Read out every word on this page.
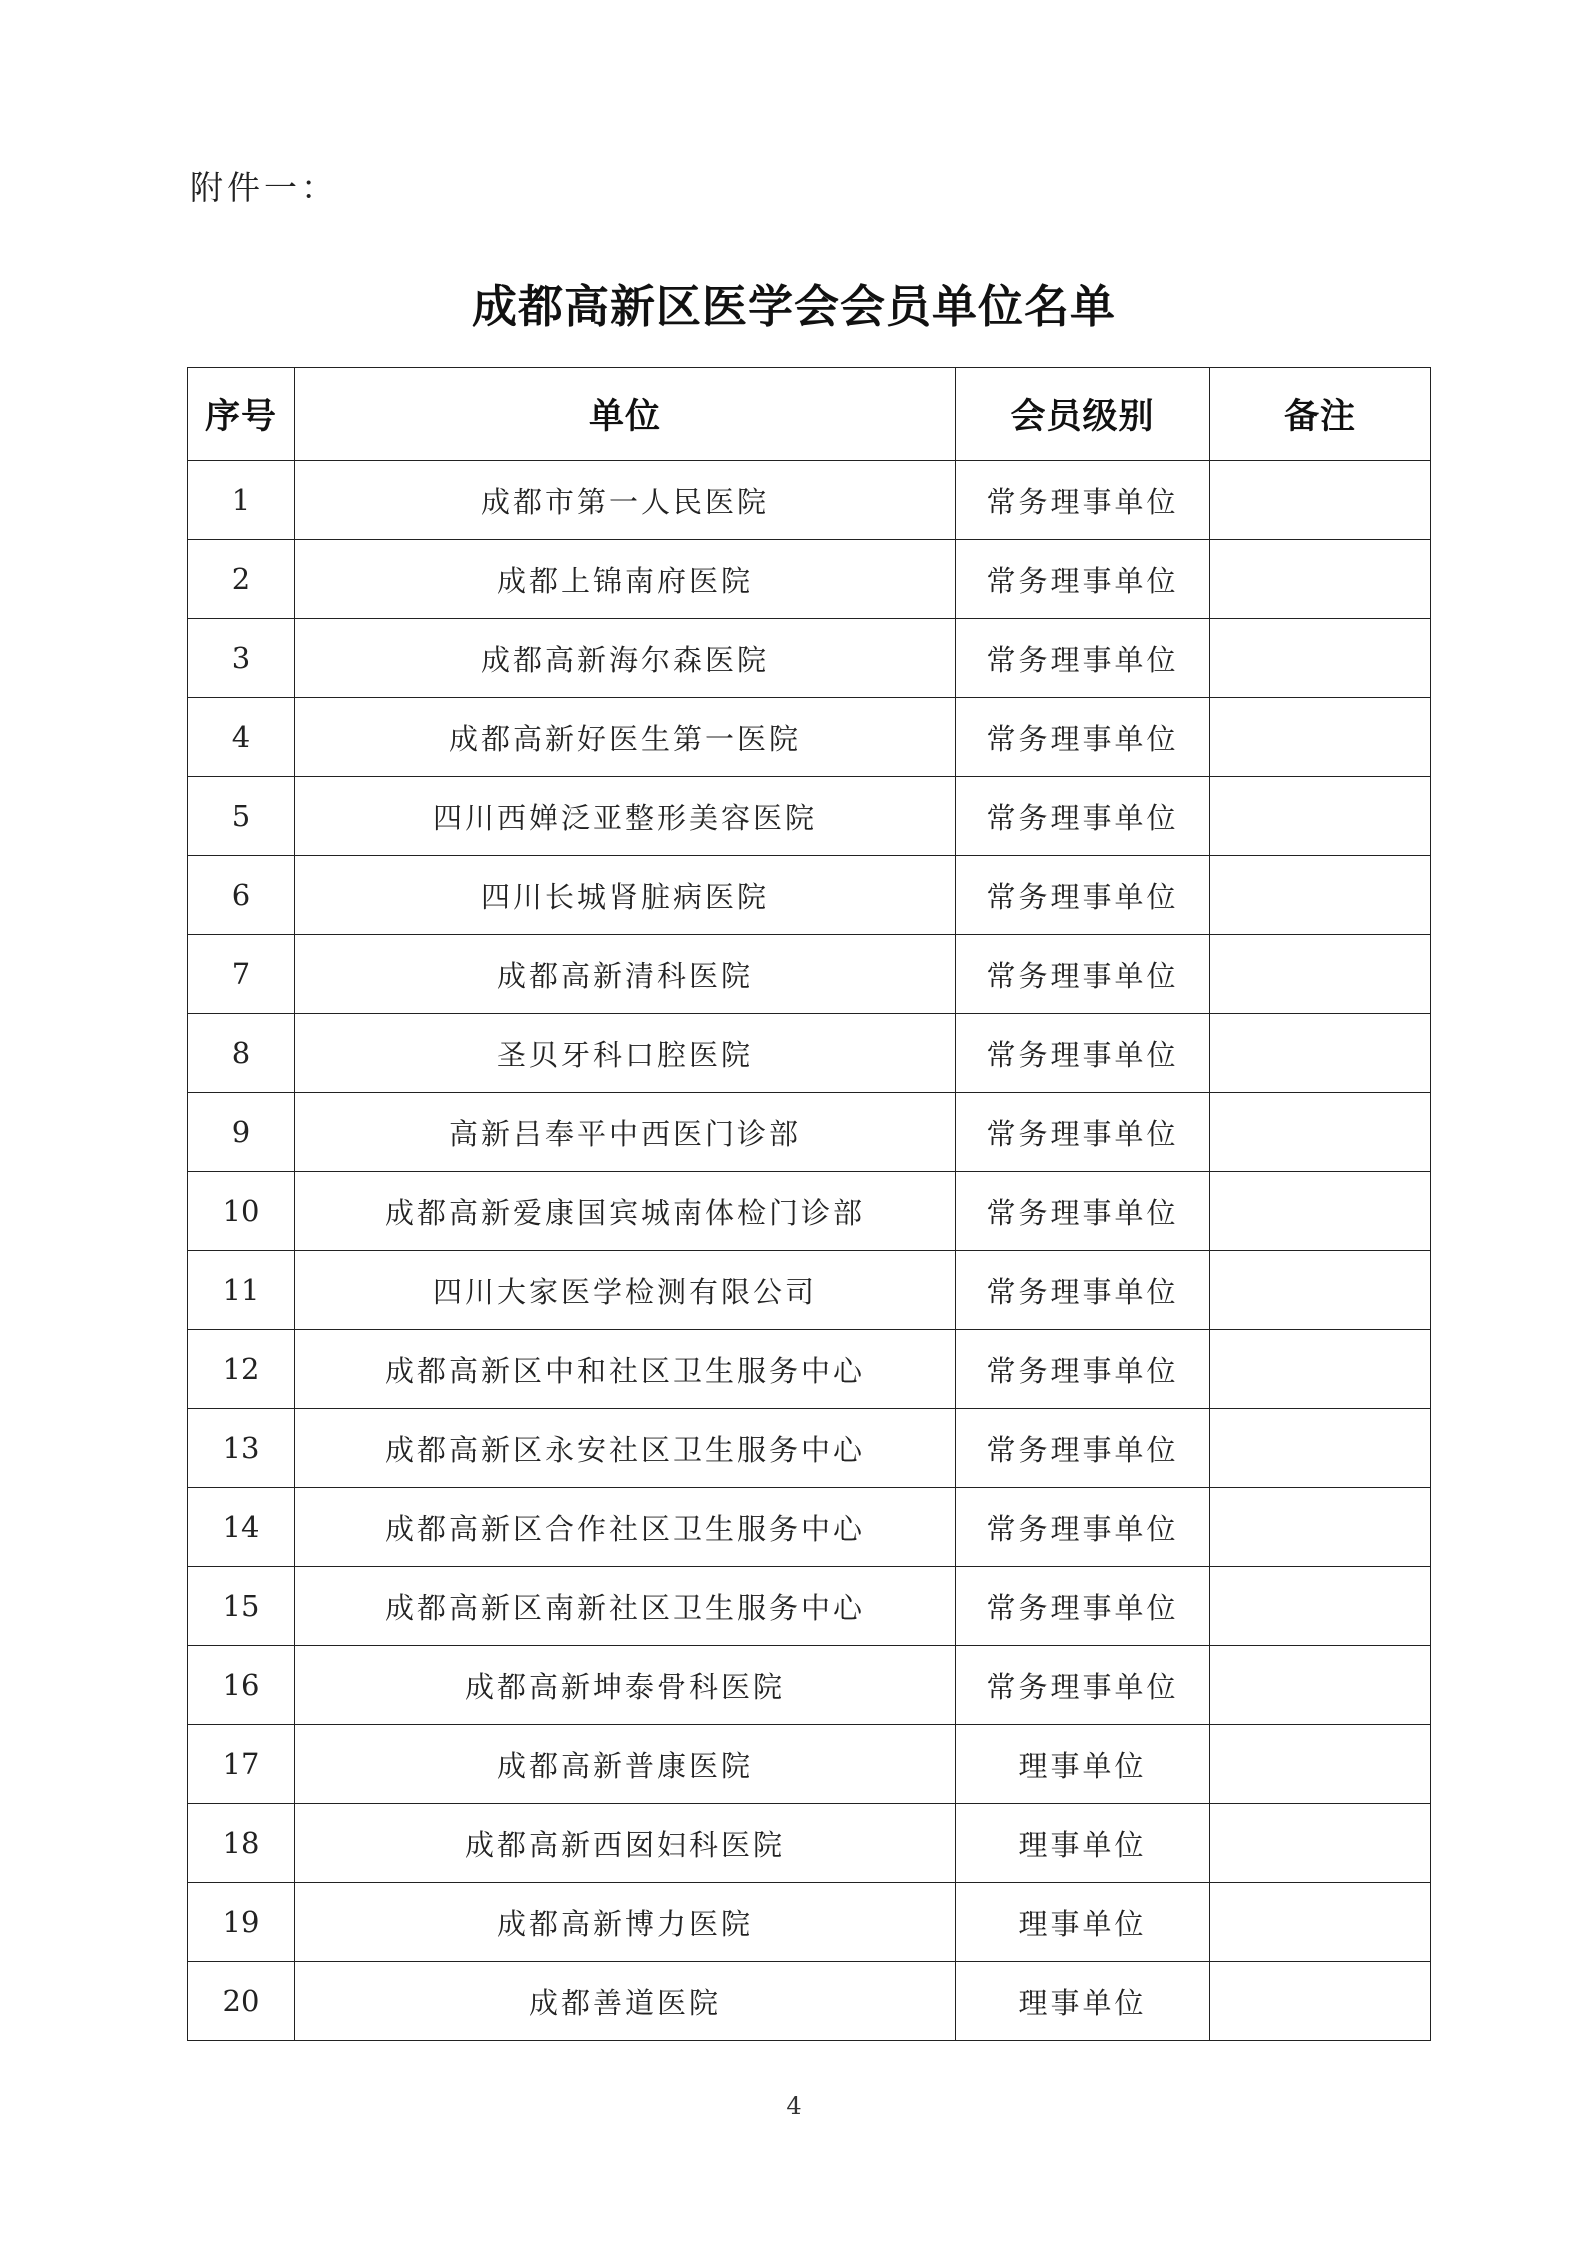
附件一：
成都高新区医学会会员单位名单
序号	单位	会员级别	备注
1	成都市第一人民医院	常务理事单位	
2	成都上锦南府医院	常务理事单位	
3	成都高新海尔森医院	常务理事单位	
4	成都高新好医生第一医院	常务理事单位	
5	四川西婵泛亚整形美容医院	常务理事单位	
6	四川长城肾脏病医院	常务理事单位	
7	成都高新清科医院	常务理事单位	
8	圣贝牙科口腔医院	常务理事单位	
9	高新吕奉平中西医门诊部	常务理事单位	
10	成都高新爱康国宾城南体检门诊部	常务理事单位	
11	四川大家医学检测有限公司	常务理事单位	
12	成都高新区中和社区卫生服务中心	常务理事单位	
13	成都高新区永安社区卫生服务中心	常务理事单位	
14	成都高新区合作社区卫生服务中心	常务理事单位	
15	成都高新区南新社区卫生服务中心	常务理事单位	
16	成都高新坤泰骨科医院	常务理事单位	
17	成都高新普康医院	理事单位	
18	成都高新西囡妇科医院	理事单位	
19	成都高新博力医院	理事单位	
20	成都善道医院	理事单位	
4
